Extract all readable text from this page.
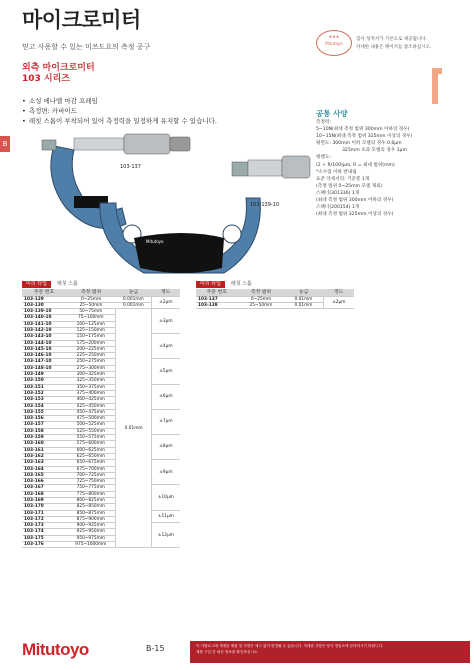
마이크로미터
믿고 사용할 수 있는 미쓰도요의 측정 공구
외측 마이크로미터
103 시리즈
B
• 소성 에나멜 마감 프레임
• 측정면: 카바이드
• 래칫 스톱이 부착되어 있어 측정력을 일정하게 유지할 수 있습니다.
★★★
Mitutoyo
검사 성적서가 기본으로 제공됩니다.
자세한 내용은 페이지를 참조하십시오.
103-137
Mitutoyo
103-139-10
공통 사양
측정력:
5~10N(최대 측정 범위 300mm 이하의 경우)
10~15N(최대 측정 범위 325mm 이상의 경우)
평면도: 300mm 이하 모델의 경우 0.6μm
325mm 초과 모델의 경우 1μm
평행도:
(2 + R/100)μm, R = 최대 범위(mm)
*소수점 이하 반내림
표준 악세서리: 기준봉 1개
(측정 범위 0~25mm 모델 제외)
스패너(301336) 1개
(최대 측정 범위 300mm 이하의 경우)
스패너(200154) 1개
(최대 측정 범위 325mm 이상의 경우)
미리 타입 래칫 스톱
주문 번호	측정 범위	눈금	정도
103-129	0~25mm	0.001mm	±2μm
103-130	25~50mm	0.001mm	
103-139-10	50~75mm	0.01mm	±3μm
103-140-10	75~100mm		
103-141-10	100~125mm		
103-142-10	125~150mm		
103-143-10	150~175mm		±4μm
103-144-10	175~200mm		
103-145-10	200~225mm		
103-146-10	225~250mm		
103-147-10	250~275mm		±5μm
103-148-10	275~300mm		
103-149	300~325mm		
103-150	325~350mm		
103-151	350~375mm		±6μm
103-152	375~400mm		
103-153	400~425mm		
103-154	425~450mm		
103-155	450~475mm		±7μm
103-156	475~500mm		
103-157	500~525mm		
103-158	525~550mm		
103-159	550~575mm		±8μm
103-160	575~600mm		
103-161	600~625mm		
103-162	625~650mm		
103-163	650~675mm		±9μm
103-164	675~700mm		
103-165	700~725mm		
103-166	725~750mm		
103-167	750~775mm		±10μm
103-168	775~800mm		
103-169	800~825mm		
103-170	825~850mm		
103-171	850~875mm		±11μm
103-172	875~900mm		
103-173	900~925mm		±12μm
103-174	925~950mm		
103-175	950~975mm		
103-176	975~1000mm		
미리 타입 래칫 스톱
주문 번호	측정 범위	눈금	정도
103-137	0~25mm	0.01mm	±2μm
103-138	25~50mm	0.01mm	
Mitutoyo	B-15	이 카탈로그에 게재된 제품 및 사양은 예고 없이 변경될 수 있습니다. 자세한 사항은 당사 영업소에 문의하시기 바랍니다.
제품 구입 전 최신 정보를 확인하십시오.
